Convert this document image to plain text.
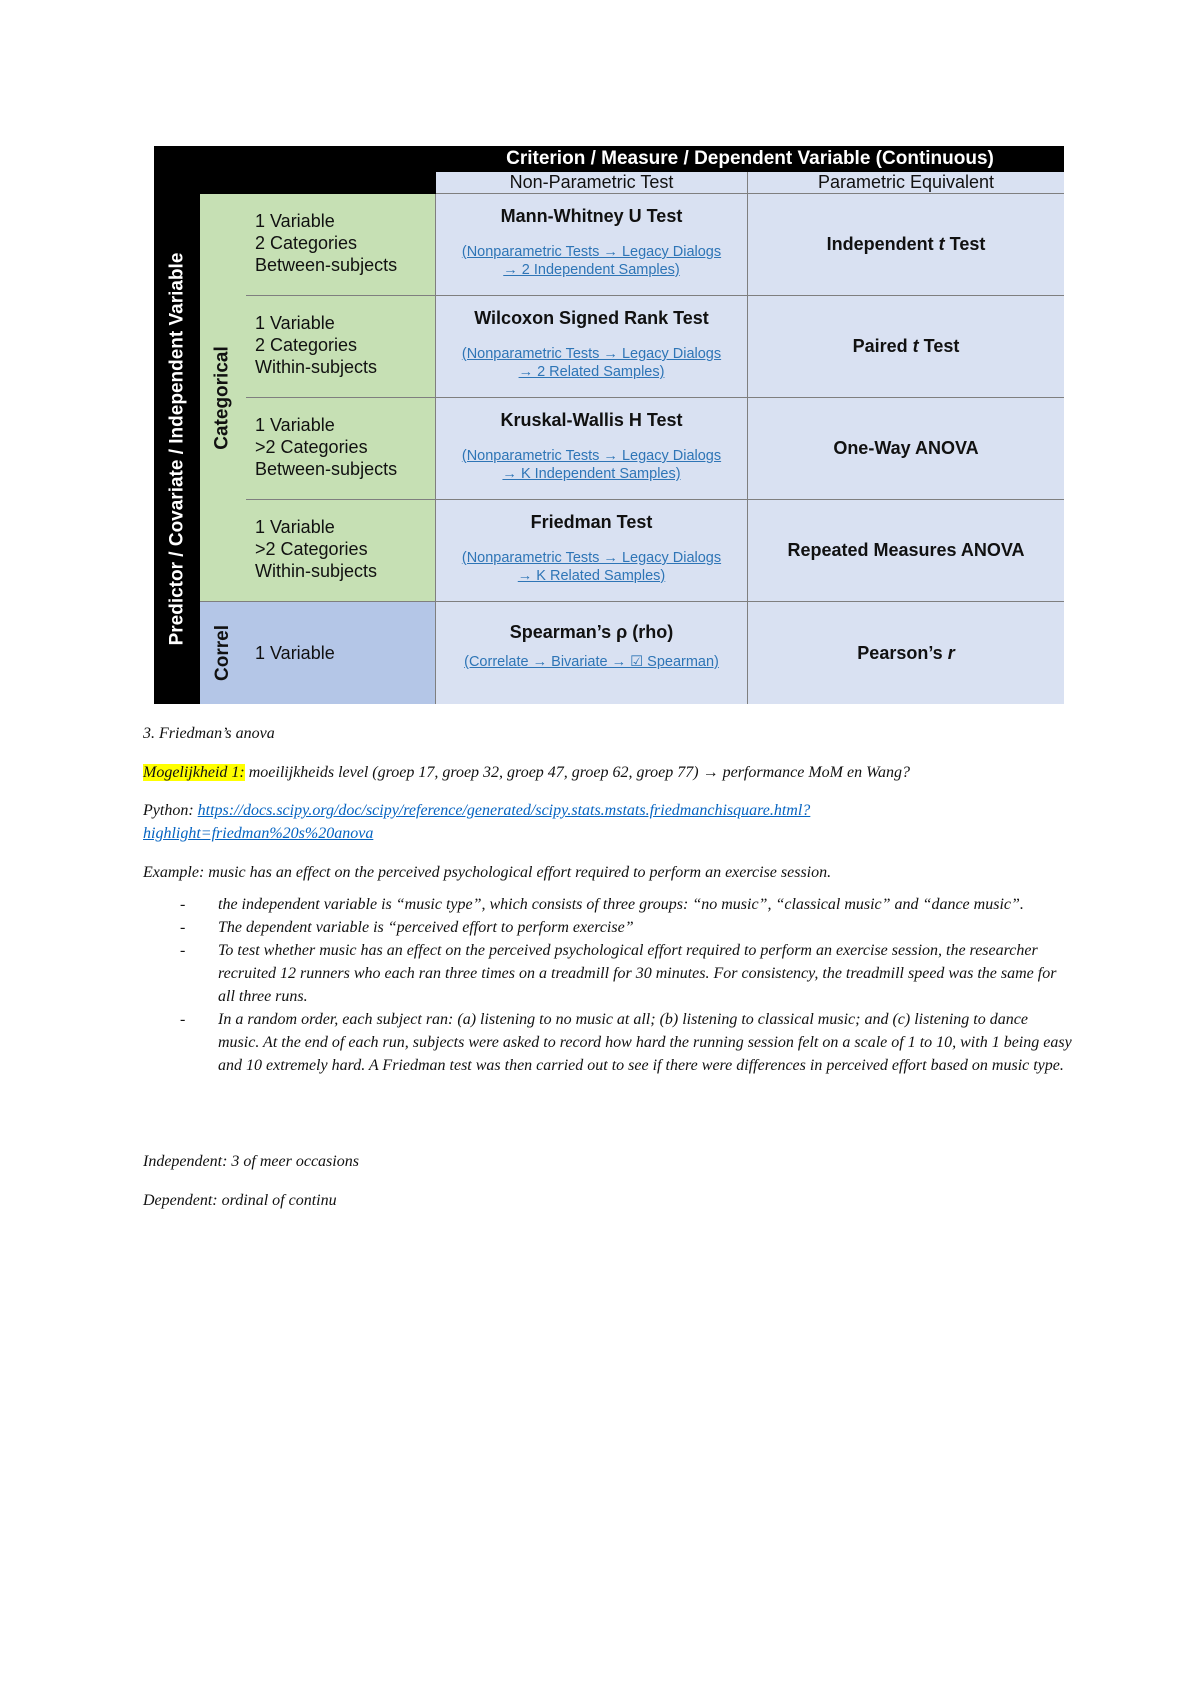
Criterion / Measure / Dependent Variable (Continuous)
Non-Parametric Test	Parametric Equivalent
Predictor / Covariate / Independent Variable Categorical
Correl
1 Variable
2 Categories
Between-subjects
Mann-Whitney U Test
(Nonparametric Tests → Legacy Dialogs
→ 2 Independent Samples)
Independent t Test
1 Variable
2 Categories
Within-subjects
Wilcoxon Signed Rank Test
(Nonparametric Tests → Legacy Dialogs
→ 2 Related Samples)
Paired t Test
1 Variable
>2 Categories
Between-subjects
Kruskal-Wallis H Test
(Nonparametric Tests → Legacy Dialogs
→ K Independent Samples)
One-Way ANOVA
1 Variable
>2 Categories
Within-subjects
Friedman Test
(Nonparametric Tests → Legacy Dialogs
→ K Related Samples)
Repeated Measures ANOVA
1 Variable
Spearman’s ρ (rho)
(Correlate → Bivariate → ☑ Spearman)	Pearson’s r

3. Friedman’s anova

Mogelijkheid 1: moeilijkheids level (groep 17, groep 32, groep 47, groep 62, groep 77) → performance MoM en Wang?

Python: https://docs.scipy.org/doc/scipy/reference/generated/scipy.stats.mstats.friedmanchisquare.html?
highlight=friedman%20s%20anova

Example: music has an effect on the perceived psychological effort required to perform an exercise session.

- the independent variable is “music type”, which consists of three groups: “no music”, “classical music” and “dance music”.
- The dependent variable is “perceived effort to perform exercise”
- To test whether music has an effect on the perceived psychological effort required to perform an exercise session, the researcher recruited 12 runners who each ran three times on a treadmill for 30 minutes. For consistency, the treadmill speed was the same for all three runs.
- In a random order, each subject ran: (a) listening to no music at all; (b) listening to classical music; and (c) listening to dance music. At the end of each run, subjects were asked to record how hard the running session felt on a scale of 1 to 10, with 1 being easy and 10 extremely hard. A Friedman test was then carried out to see if there were differences in perceived effort based on music type.

Independent: 3 of meer occasions

Dependent: ordinal of continu
